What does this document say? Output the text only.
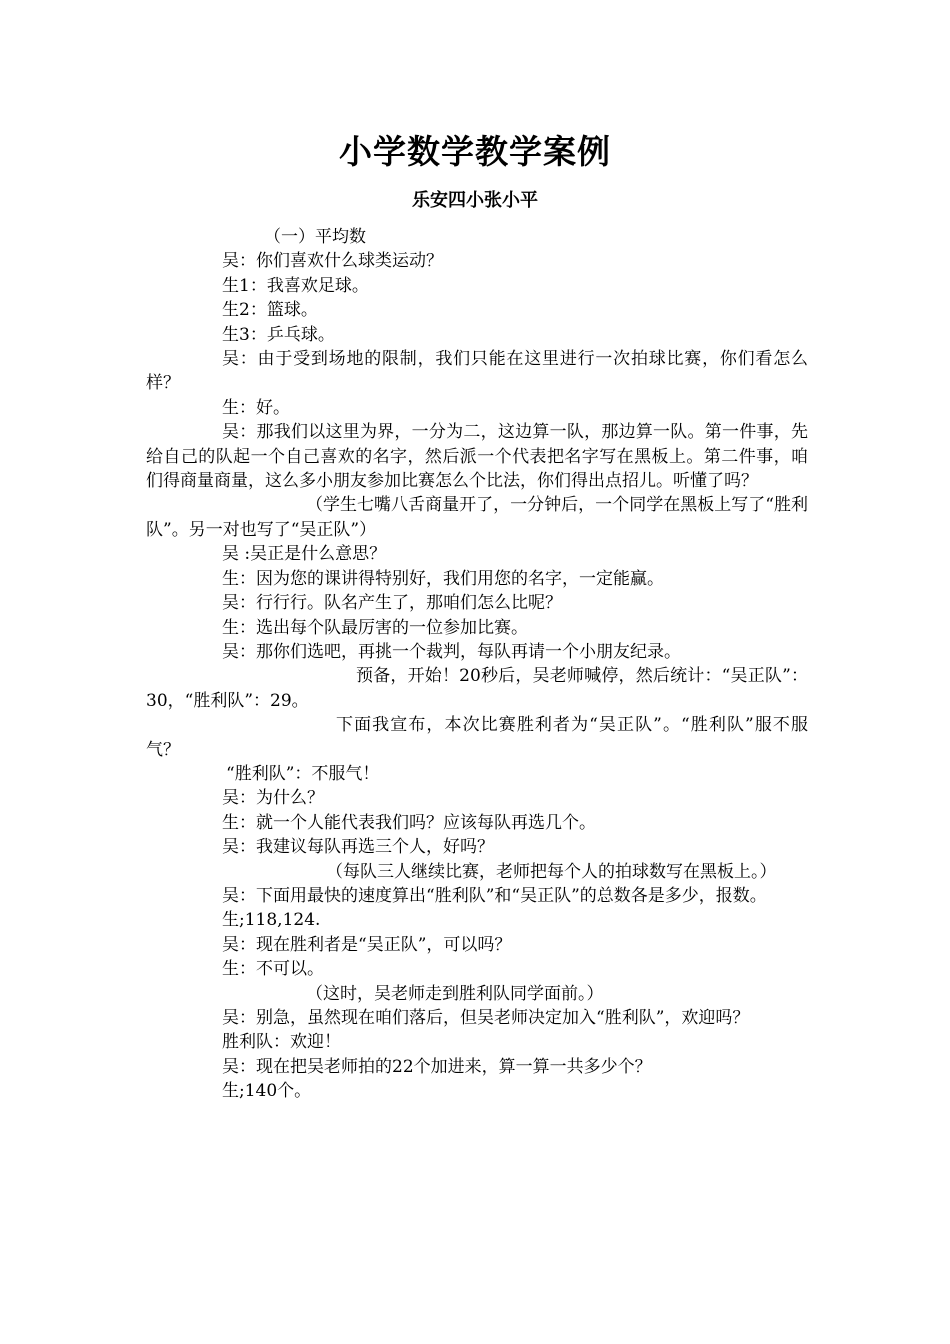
小学数学教学案例
乐安四小张小平

（一）平均数

吴：你们喜欢什么球类运动？

生1：我喜欢足球。

生2：篮球。

生3：乒乓球。

吴：由于受到场地的限制，我们只能在这里进行一次拍球比赛，你们看怎么样？

生：好。

吴：那我们以这里为界，一分为二，这边算一队，那边算一队。第一件事，先给自己的队起一个自己喜欢的名字，然后派一个代表把名字写在黑板上。第二件事，咱们得商量商量，这么多小朋友参加比赛怎么个比法，你们得出点招儿。听懂了吗？

（学生七嘴八舌商量开了，一分钟后，一个同学在黑板上写了“胜利队”。另一对也写了“吴正队”）

吴 :吴正是什么意思？

生：因为您的课讲得特别好，我们用您的名字，一定能赢。

吴：行行行。队名产生了，那咱们怎么比呢？

生：选出每个队最厉害的一位参加比赛。

吴：那你们选吧，再挑一个裁判，每队再请一个小朋友纪录。

预备，开始！20秒后，吴老师喊停，然后统计：“吴正队”：30，“胜利队”：29。

下面我宣布，本次比赛胜利者为“吴正队”。“胜利队”服不服气？

“胜利队”：不服气！

吴：为什么？

生：就一个人能代表我们吗？应该每队再选几个。

吴：我建议每队再选三个人，好吗？

（每队三人继续比赛，老师把每个人的拍球数写在黑板上。）

吴：下面用最快的速度算出“胜利队”和“吴正队”的总数各是多少，报数。

生;118,124.

吴：现在胜利者是“吴正队”，可以吗？

生：不可以。

（这时，吴老师走到胜利队同学面前。）

吴：别急，虽然现在咱们落后，但吴老师决定加入“胜利队”，欢迎吗？

胜利队：欢迎！

吴：现在把吴老师拍的22个加进来，算一算一共多少个？

生;140个。
